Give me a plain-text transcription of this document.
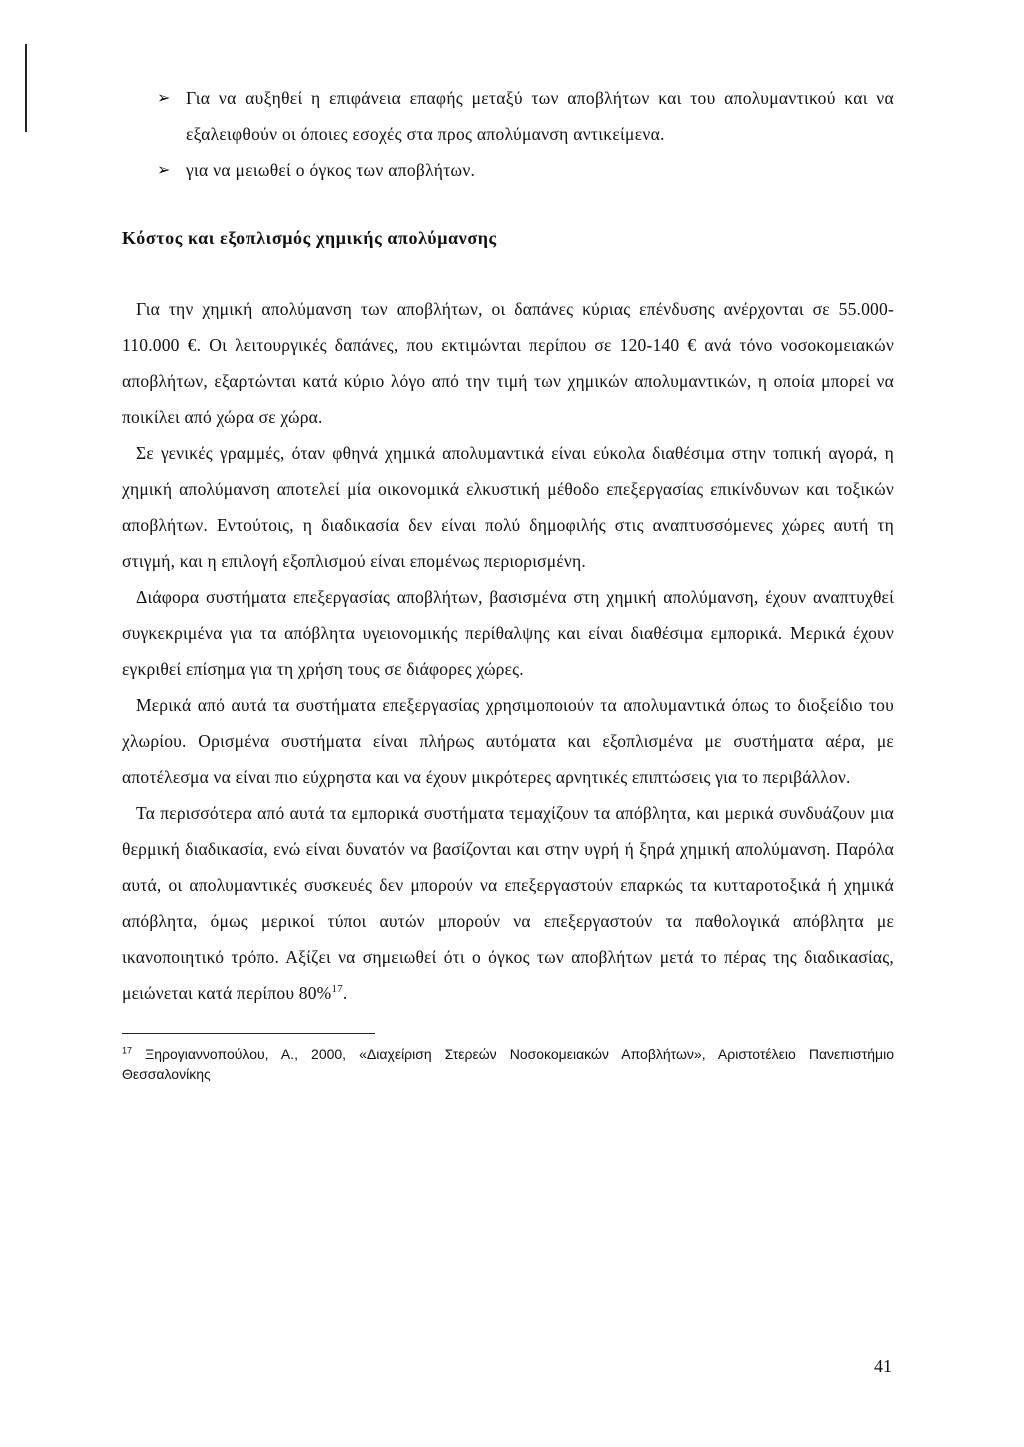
➢ Για να αυξηθεί η επιφάνεια επαφής μεταξύ των αποβλήτων και του απολυμαντικού και να εξαλειφθούν οι όποιες εσοχές στα προς απολύμανση αντικείμενα.
➢ για να μειωθεί ο όγκος των αποβλήτων.
Κόστος και εξοπλισμός χημικής απολύμανσης

Για την χημική απολύμανση των αποβλήτων, οι δαπάνες κύριας επένδυσης ανέρχονται σε 55.000-110.000 €. Οι λειτουργικές δαπάνες, που εκτιμώνται περίπου σε 120-140 € ανά τόνο νοσοκομειακών αποβλήτων, εξαρτώνται κατά κύριο λόγο από την τιμή των χημικών απολυμαντικών, η οποία μπορεί να ποικίλει από χώρα σε χώρα.

Σε γενικές γραμμές, όταν φθηνά χημικά απολυμαντικά είναι εύκολα διαθέσιμα στην τοπική αγορά, η χημική απολύμανση αποτελεί μία οικονομικά ελκυστική μέθοδο επεξεργασίας επικίνδυνων και τοξικών αποβλήτων. Εντούτοις, η διαδικασία δεν είναι πολύ δημοφιλής στις αναπτυσσόμενες χώρες αυτή τη στιγμή, και η επιλογή εξοπλισμού είναι επομένως περιορισμένη.

Διάφορα συστήματα επεξεργασίας αποβλήτων, βασισμένα στη χημική απολύμανση, έχουν αναπτυχθεί συγκεκριμένα για τα απόβλητα υγειονομικής περίθαλψης και είναι διαθέσιμα εμπορικά. Μερικά έχουν εγκριθεί επίσημα για τη χρήση τους σε διάφορες χώρες.

Μερικά από αυτά τα συστήματα επεξεργασίας χρησιμοποιούν τα απολυμαντικά όπως το διοξείδιο του χλωρίου. Ορισμένα συστήματα είναι πλήρως αυτόματα και εξοπλισμένα με συστήματα αέρα, με αποτέλεσμα να είναι πιο εύχρηστα και να έχουν μικρότερες αρνητικές επιπτώσεις για το περιβάλλον.

Τα περισσότερα από αυτά τα εμπορικά συστήματα τεμαχίζουν τα απόβλητα, και μερικά συνδυάζουν μια θερμική διαδικασία, ενώ είναι δυνατόν να βασίζονται και στην υγρή ή ξηρά χημική απολύμανση. Παρόλα αυτά, οι απολυμαντικές συσκευές δεν μπορούν να επεξεργαστούν επαρκώς τα κυτταροτοξικά ή χημικά απόβλητα, όμως μερικοί τύποι αυτών μπορούν να επεξεργαστούν τα παθολογικά απόβλητα με ικανοποιητικό τρόπο. Αξίζει να σημειωθεί ότι ο όγκος των αποβλήτων μετά το πέρας της διαδικασίας, μειώνεται κατά περίπου 80%$^{17}$.

$^{17}$ Ξηρογιαννοπούλου, Α., 2000, «Διαχείριση Στερεών Νοσοκομειακών Αποβλήτων», Αριστοτέλειο Πανεπιστήμιο Θεσσαλονίκης
41
